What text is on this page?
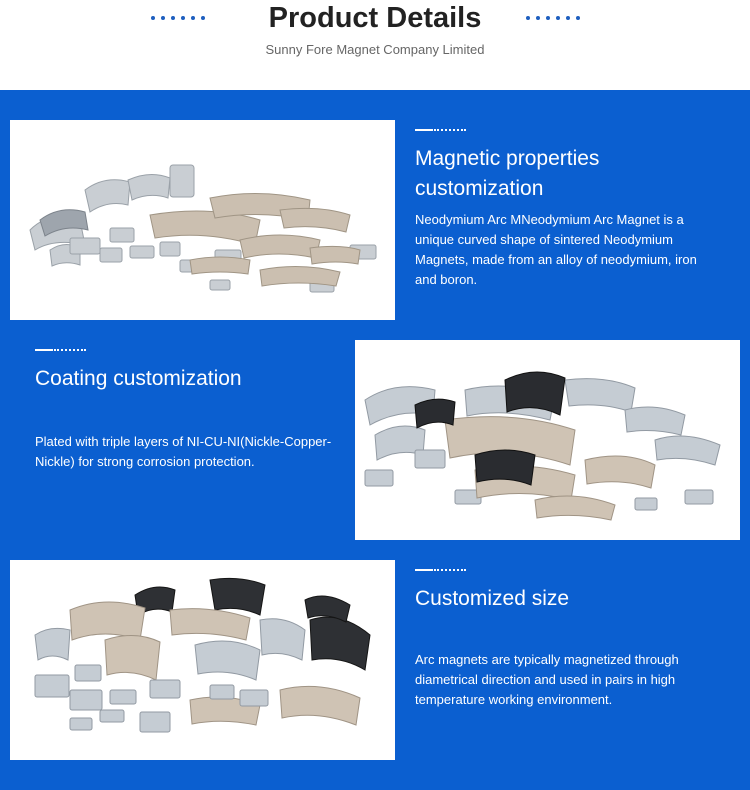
Product Details
Sunny Fore Magnet Company Limited
Magnetic properties customization

Neodymium Arc MNeodymium Arc Magnet is a unique curved shape of sintered Neodymium Magnets, made from an alloy of neodymium, iron and boron.

Coating customization

Plated with triple layers of NI-CU-NI(Nickle-Copper-Nickle) for strong corrosion protection.

Customized size

Arc magnets are typically magnetized through diametrical direction and used in pairs in high temperature working environment.
